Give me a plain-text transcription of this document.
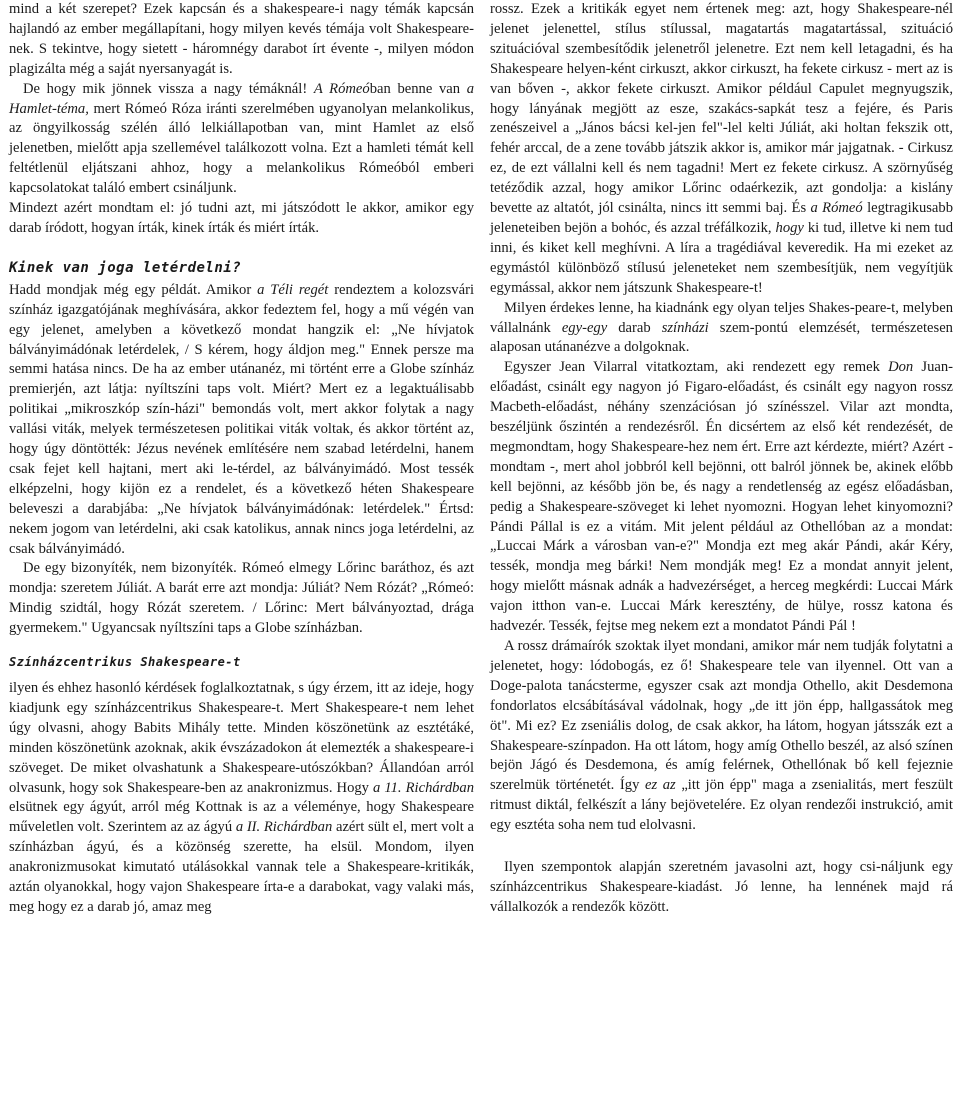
mind a két szerepet? Ezek kapcsán és a shakespeare-i nagy témák kapcsán hajlandó az ember megállapítani, hogy milyen kevés témája volt Shakespeare-nek. S tekintve, hogy sietett - háromnégy darabot írt évente -, milyen módon plagizálta még a saját nyersanyagát is.

De hogy mik jönnek vissza a nagy témáknál! A Rómeóban benne van a Hamlet-téma, mert Rómeó Róza iránti szerelmében ugyanolyan melankolikus, az öngyilkosság szélén álló lelkiállapotban van, mint Hamlet az első jelenetben, mielőtt apja szellemével találkozott volna. Ezt a hamleti témát kell feltétlenül eljátszani ahhoz, hogy a melankolikus Rómeóból emberi kapcsolatokat találó embert csináljunk.

Mindezt azért mondtam el: jó tudni azt, mi játszódott le akkor, amikor egy darab íródott, hogyan írták, kinek írták és miért írták.

Kinek van joga letérdelni?

Hadd mondjak még egy példát. Amikor a Téli regét rendeztem a kolozsvári színház igazgatójának meghívására, akkor fedeztem fel, hogy a mű végén van egy jelenet, amelyben a következő mondat hangzik el: „Ne hívjatok bálványimádónak letérdelek, / S kérem, hogy áldjon meg." Ennek persze ma semmi hatása nincs. De ha az ember utánanéz, mi történt erre a Globe színház premierjén, azt látja: nyíltszíni taps volt. Miért? Mert ez a legaktuálisabb politikai „mikroszkóp szín-házi" bemondás volt, mert akkor folytak a nagy vallási viták, melyek természetesen politikai viták voltak, és akkor történt az, hogy úgy döntötték: Jézus nevének említésére nem szabad letérdelni, hanem csak fejet kell hajtani, mert aki le-térdel, az bálványimádó. Most tessék elképzelni, hogy kijön ez a rendelet, és a következő héten Shakespeare beleveszi a darabjába: „Ne hívjatok bálványimádónak: letérdelek." Értsd: nekem jogom van letérdelni, aki csak katolikus, annak nincs joga letérdelni, az csak bálványimádó.

De egy bizonyíték, nem bizonyíték. Rómeó elmegy Lőrinc baráthoz, és azt mondja: szeretem Júliát. A barát erre azt mondja: Júliát? Nem Rózát? „Rómeó: Mindig szidtál, hogy Rózát szeretem. / Lőrinc: Mert bálványoztad, drága gyermekem." Ugyancsak nyíltszíni taps a Globe színházban.

Színházcentrikus Shakespeare-t

ilyen és ehhez hasonló kérdések foglalkoztatnak, s úgy érzem, itt az ideje, hogy kiadjunk egy színházcentrikus Shakespeare-t. Mert Shakespeare-t nem lehet úgy olvasni, ahogy Babits Mihály tette. Minden köszönetünk az esztétáké, minden köszönetünk azoknak, akik évszázadokon át elemezték a shakespeare-i szöveget. De miket olvashatunk a Shakespeare-utószókban? Állandóan arról olvasunk, hogy sok Shakespeare-ben az anakronizmus. Hogy a 11. Richárdban elsütnek egy ágyút, arról még Kottnak is az a véleménye, hogy Shakespeare műveletlen volt. Szerintem az az ágyú a II. Richárdban azért sült el, mert volt a színházban ágyú, és a közönség szerette, ha elsül. Mondom, ilyen anakronizmusokat kimutató utálásokkal vannak tele a Shakespeare-kritikák, aztán olyanokkal, hogy vajon Shakespeare írta-e a darabokat, vagy valaki más, meg hogy ez a darab jó, amaz meg

rossz. Ezek a kritikák egyet nem értenek meg: azt, hogy Shakespeare-nél jelenet jelenettel, stílus stílussal, magatartás magatartással, szituáció szituációval szembesítődik jelenetről jelenetre. Ezt nem kell letagadni, és ha Shakespeare helyen-ként cirkuszt, akkor cirkuszt, ha fekete cirkusz - mert az is van bőven -, akkor fekete cirkuszt. Amikor például Capulet megnyugszik, hogy lányának megjött az esze, szakács-sapkát tesz a fejére, és Paris zenészeivel a „János bácsi kel-jen fel"-lel kelti Júliát, aki holtan fekszik ott, fehér arccal, de a zene tovább játszik akkor is, amikor már jajgatnak. - Cirkusz ez, de ezt vállalni kell és nem tagadni! Mert ez fekete cirkusz. A szörnyűség tetéződik azzal, hogy amikor Lőrinc odaérkezik, azt gondolja: a kislány bevette az altatót, jól csinálta, nincs itt semmi baj. És a Rómeó legtragikusabb jeleneteiben bejön a bohóc, és azzal tréfálkozik, hogy ki tud, illetve ki nem tud inni, és kiket kell meghívni. A líra a tragédiával keveredik. Ha mi ezeket az egymástól különböző stílusú jeleneteket nem szembesítjük, nem vegyítjük egymással, akkor nem játszunk Shakespeare-t!

Milyen érdekes lenne, ha kiadnánk egy olyan teljes Shakes-peare-t, melyben vállalnánk egy-egy darab színházi szem-pontú elemzését, természetesen alaposan utánanézve a dolgoknak.

Egyszer Jean Vilarral vitatkoztam, aki rendezett egy remek Don Juan-előadást, csinált egy nagyon jó Figaro-előadást, és csinált egy nagyon rossz Macbeth-előadást, néhány szenzációsan jó színésszel. Vilar azt mondta, beszéljünk őszintén a rendezésről. Én dicsértem az első két rendezését, de megmondtam, hogy Shakespeare-hez nem ért. Erre azt kérdezte, miért? Azért - mondtam -, mert ahol jobbról kell bejönni, ott balról jönnek be, akinek előbb kell bejönni, az később jön be, és nagy a rendetlenség az egész előadásban, pedig a Shakespeare-szöveget ki lehet nyomozni. Hogyan lehet kinyomozni? Pándi Pállal is ez a vitám. Mit jelent például az Othellóban az a mondat: „Luccai Márk a városban van-e?" Mondja ezt meg akár Pándi, akár Kéry, tessék, mondja meg bárki! Nem mondják meg! Ez a mondat annyit jelent, hogy mielőtt másnak adnák a hadvezérséget, a herceg megkérdi: Luccai Márk vajon itthon van-e. Luccai Márk keresztény, de hülye, rossz katona és hadvezér. Tessék, fejtse meg nekem ezt a mondatot Pándi Pál !

A rossz drámaírók szoktak ilyet mondani, amikor már nem tudják folytatni a jelenetet, hogy: lódobogás, ez ő! Shakespeare tele van ilyennel. Ott van a Doge-palota tanácsterme, egyszer csak azt mondja Othello, akit Desdemona fondorlatos elcsábításával vádolnak, hogy „de itt jön épp, hallgassátok meg öt". Mi ez? Ez zseniális dolog, de csak akkor, ha látom, hogyan játsszák ezt a Shakespeare-színpadon. Ha ott látom, hogy amíg Othello beszél, az alsó színen bejön Jágó és Desdemona, és amíg felérnek, Othellónak bő kell fejeznie szerelmük történetét. Így ez az „itt jön épp" maga a zsenialitás, mert feszült ritmust diktál, felkészít a lány bejövetelére. Ez olyan rendezői instrukció, amit egy esztéta soha nem tud elolvasni.

Ilyen szempontok alapján szeretném javasolni azt, hogy csi-náljunk egy színházcentrikus Shakespeare-kiadást. Jó lenne, ha lennének majd rá vállalkozók a rendezők között.
